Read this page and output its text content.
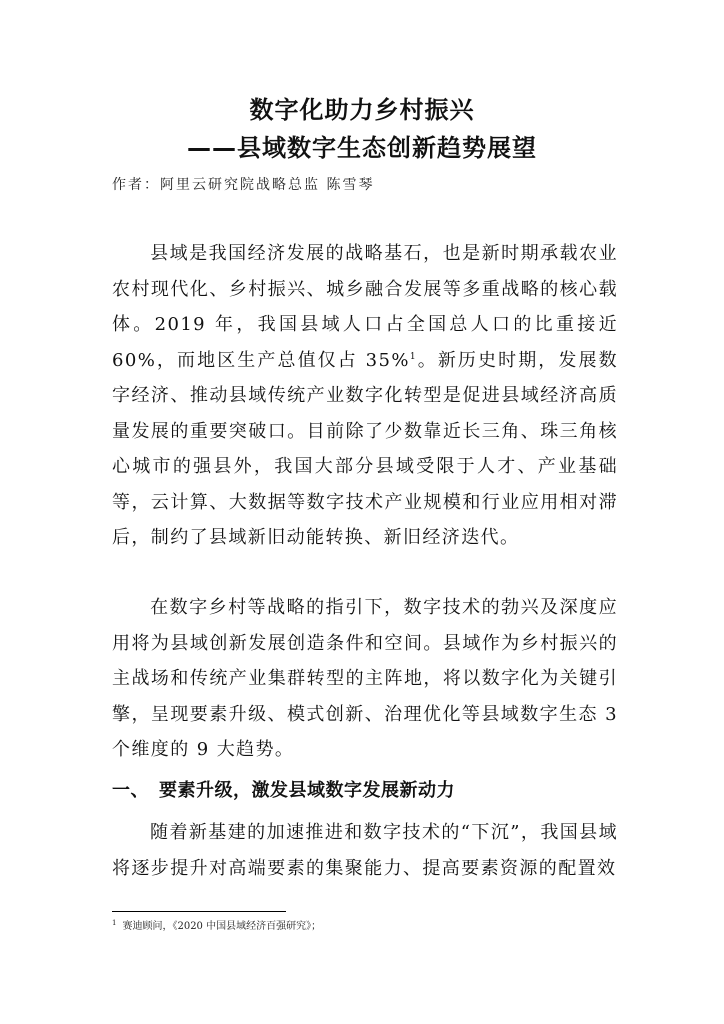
数字化助力乡村振兴
——县域数字生态创新趋势展望

作者：阿里云研究院战略总监 陈雪琴

县域是我国经济发展的战略基石，也是新时期承载农业农村现代化、乡村振兴、城乡融合发展等多重战略的核心载体。2019 年，我国县域人口占全国总人口的比重接近 60%，而地区生产总值仅占 35%$^1$。新历史时期，发展数字经济、推动县域传统产业数字化转型是促进县域经济高质量发展的重要突破口。目前除了少数靠近长三角、珠三角核心城市的强县外，我国大部分县域受限于人才、产业基础等，云计算、大数据等数字技术产业规模和行业应用相对滞后，制约了县域新旧动能转换、新旧经济迭代。

在数字乡村等战略的指引下，数字技术的勃兴及深度应用将为县域创新发展创造条件和空间。县域作为乡村振兴的主战场和传统产业集群转型的主阵地，将以数字化为关键引擎，呈现要素升级、模式创新、治理优化等县域数字生态 3 个维度的 9 大趋势。

一、 要素升级，激发县域数字发展新动力

随着新基建的加速推进和数字技术的“下沉”，我国县域将逐步提升对高端要素的集聚能力、提高要素资源的配置效

$^1$ 赛迪顾问，《2020 中国县域经济百强研究》；
